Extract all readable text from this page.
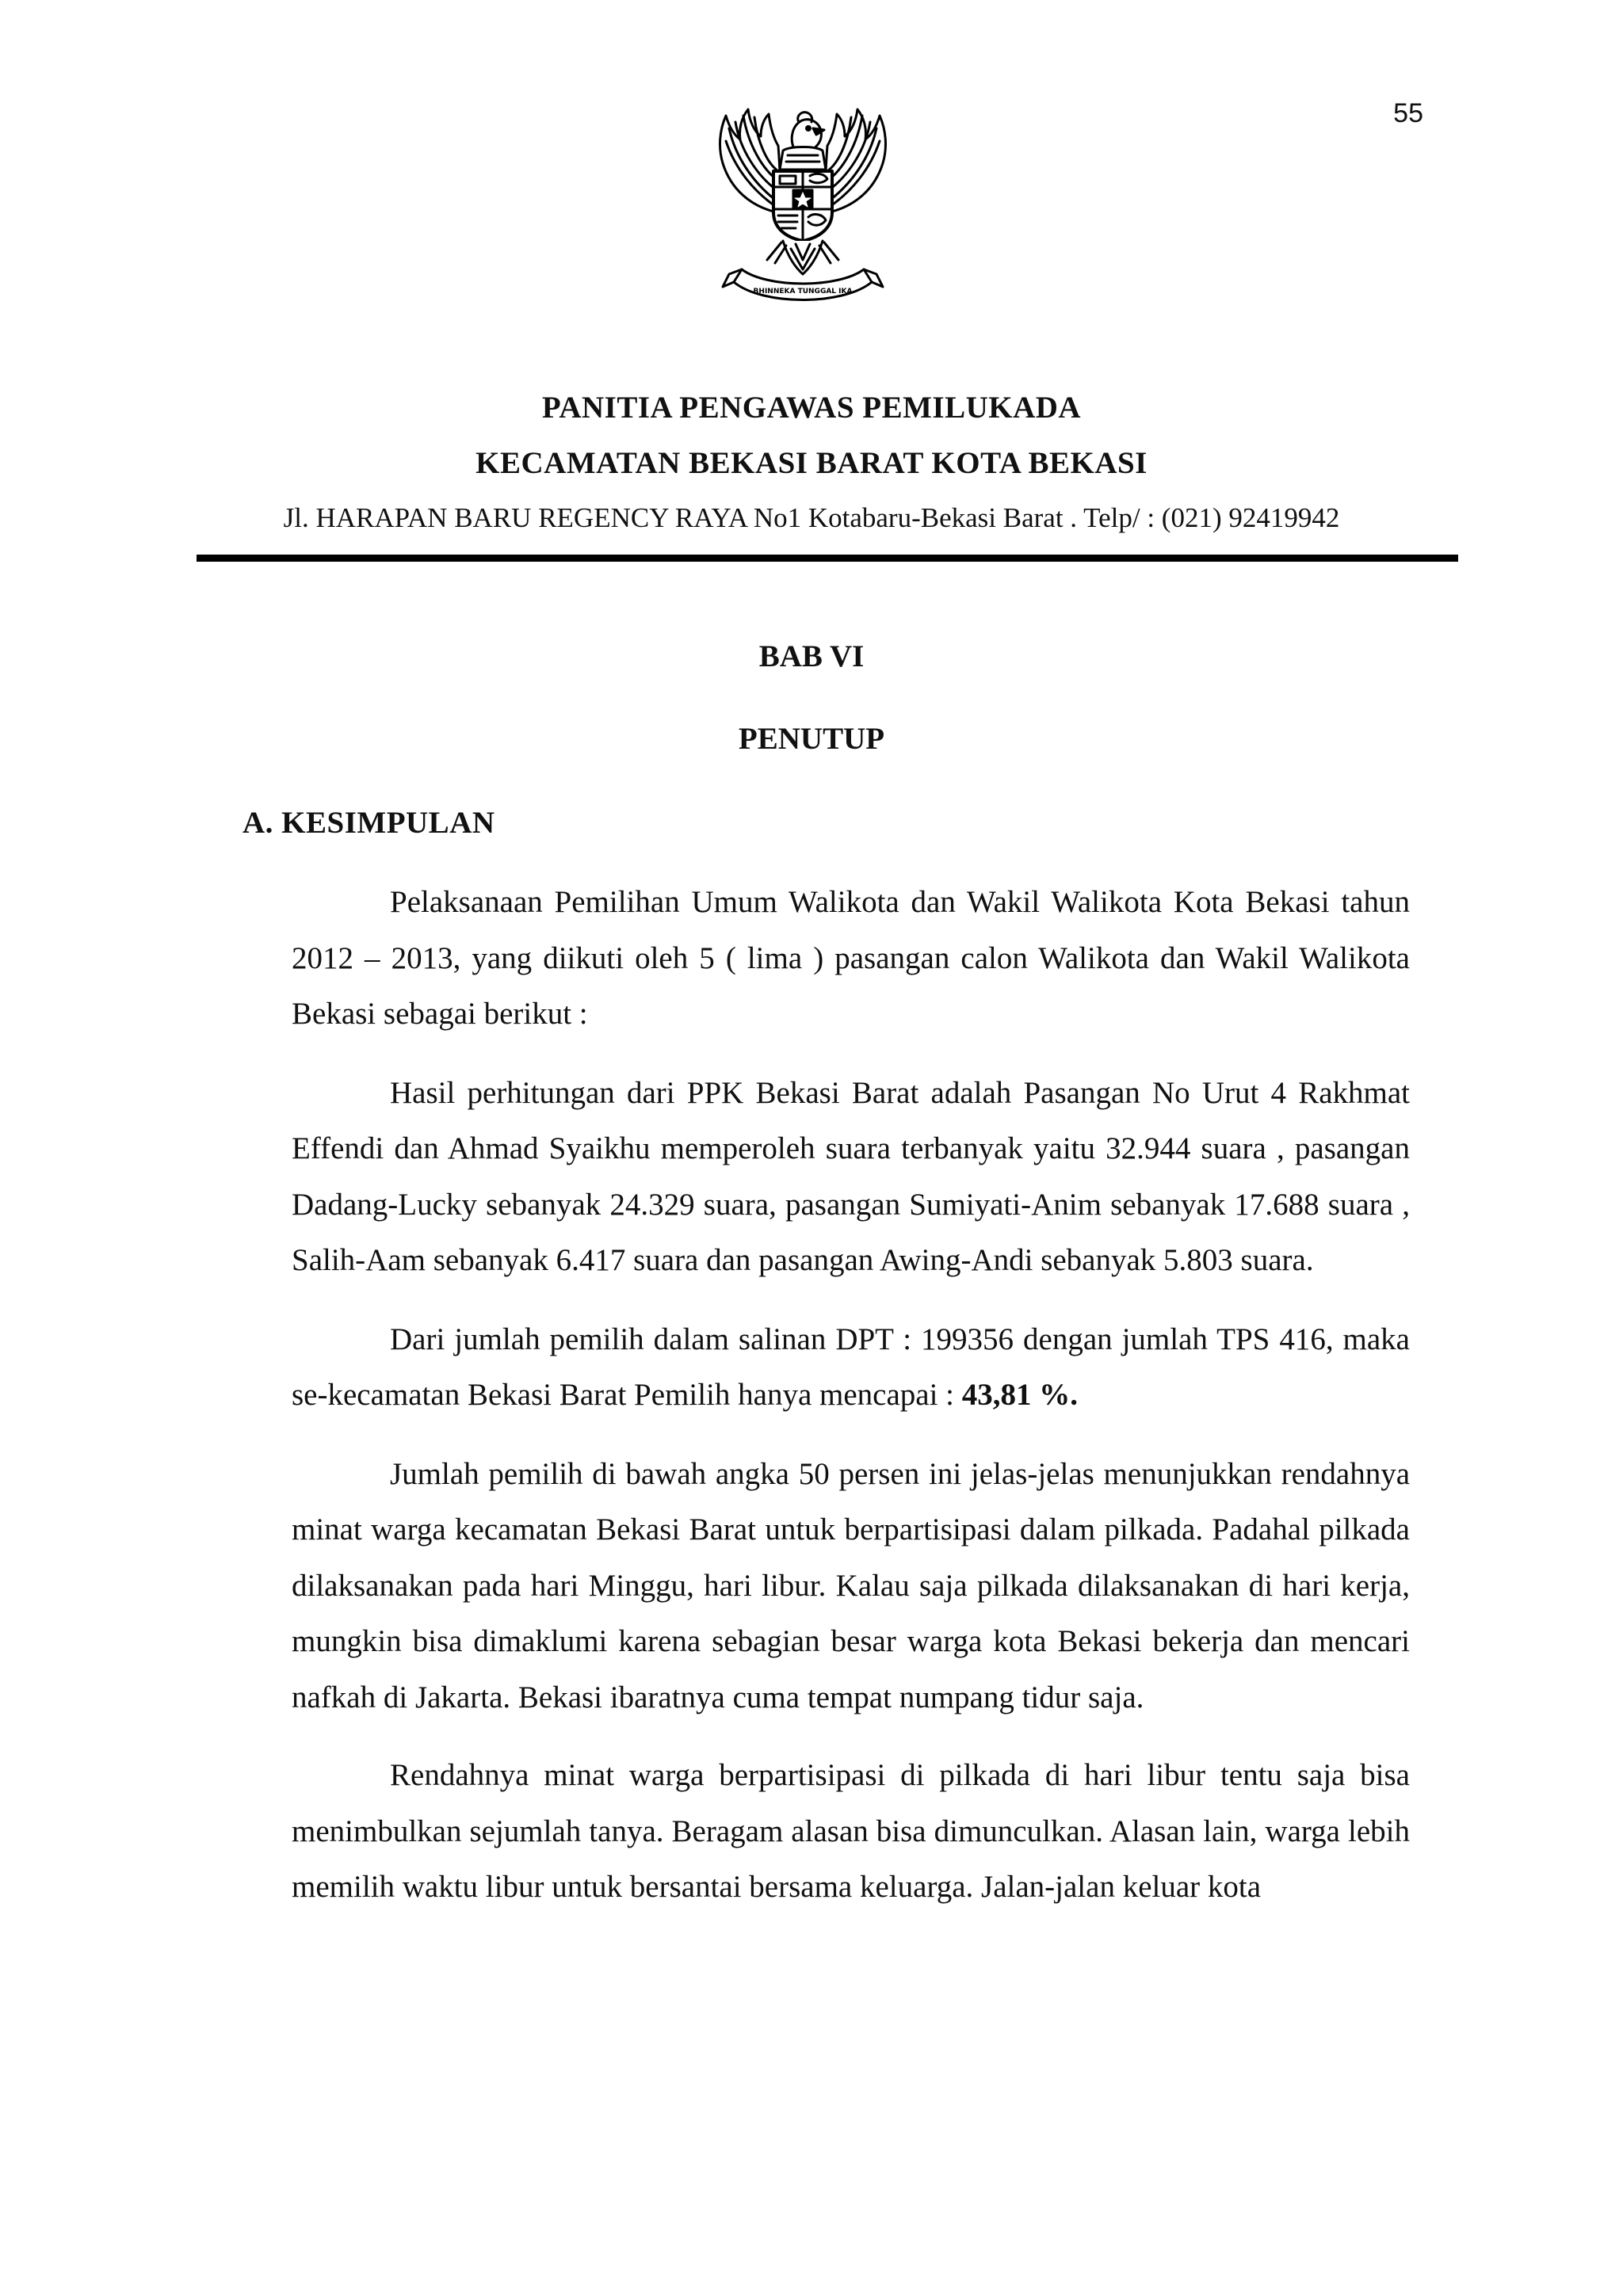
55
BHINNEKA TUNGGAL IKA
PANITIA PENGAWAS PEMILUKADA
KECAMATAN BEKASI BARAT KOTA BEKASI
Jl. HARAPAN BARU REGENCY RAYA No1 Kotabaru-Bekasi Barat . Telp/ : (021) 92419942
BAB VI
PENUTUP
A. KESIMPULAN

Pelaksanaan Pemilihan Umum Walikota dan Wakil Walikota Kota Bekasi tahun 2012 – 2013, yang diikuti oleh 5 ( lima ) pasangan calon Walikota dan Wakil Walikota Bekasi sebagai berikut :

Hasil perhitungan dari PPK Bekasi Barat adalah Pasangan No Urut 4 Rakhmat Effendi dan Ahmad Syaikhu memperoleh suara terbanyak yaitu 32.944 suara , pasangan Dadang-Lucky sebanyak 24.329 suara, pasangan Sumiyati-Anim sebanyak 17.688 suara , Salih-Aam sebanyak 6.417 suara dan pasangan Awing-Andi sebanyak 5.803 suara.

Dari jumlah pemilih dalam salinan DPT : 199356 dengan jumlah TPS 416, maka se-kecamatan Bekasi Barat Pemilih hanya mencapai : 43,81 %.

Jumlah pemilih di bawah angka 50 persen ini jelas-jelas menunjukkan rendahnya minat warga kecamatan Bekasi Barat untuk berpartisipasi dalam pilkada. Padahal pilkada dilaksanakan pada hari Minggu, hari libur. Kalau saja pilkada dilaksanakan di hari kerja, mungkin bisa dimaklumi karena sebagian besar warga kota Bekasi bekerja dan mencari nafkah di Jakarta. Bekasi ibaratnya cuma tempat numpang tidur saja.

Rendahnya minat warga berpartisipasi di pilkada di hari libur tentu saja bisa menimbulkan sejumlah tanya. Beragam alasan bisa dimunculkan. Alasan lain, warga lebih memilih waktu libur untuk bersantai bersama keluarga. Jalan-jalan keluar kota
